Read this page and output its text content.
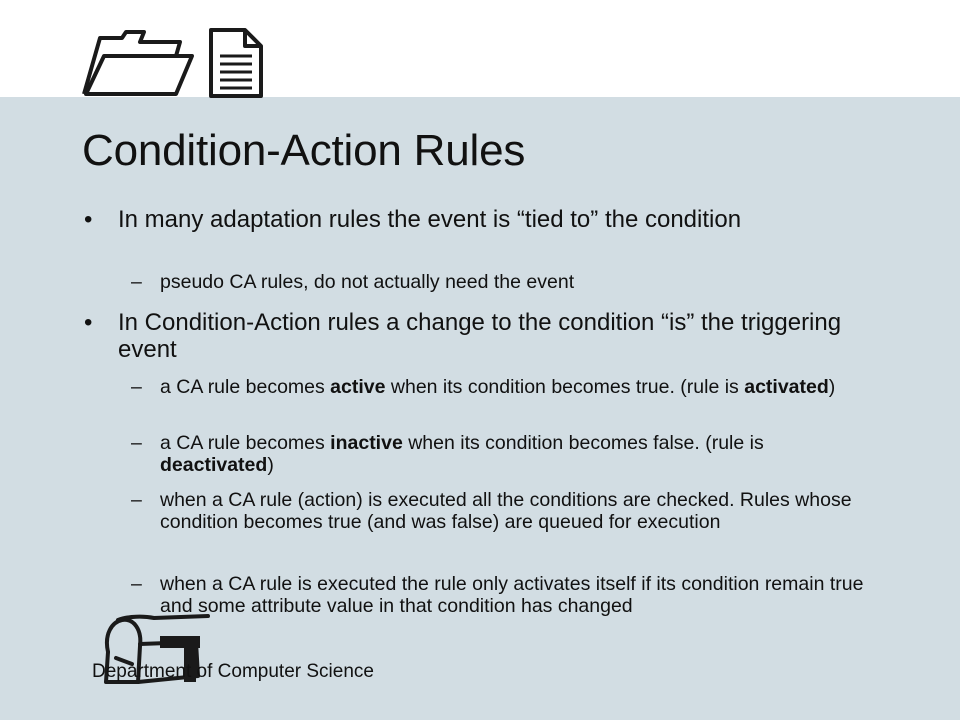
Condition-Action Rules
• In many adaptation rules the event is “tied to” the condition
– pseudo CA rules, do not actually need the event
• In Condition-Action rules a change to the condition “is” the triggering event
– a CA rule becomes active when its condition becomes true. (rule is activated)
– a CA rule becomes inactive when its condition becomes false. (rule is deactivated)
– when a CA rule (action) is executed all the conditions are checked. Rules whose condition becomes true (and was false) are queued for execution
– when a CA rule is executed the rule only activates itself if its condition remain true and some attribute value in that condition has changed
Department of Computer Science
